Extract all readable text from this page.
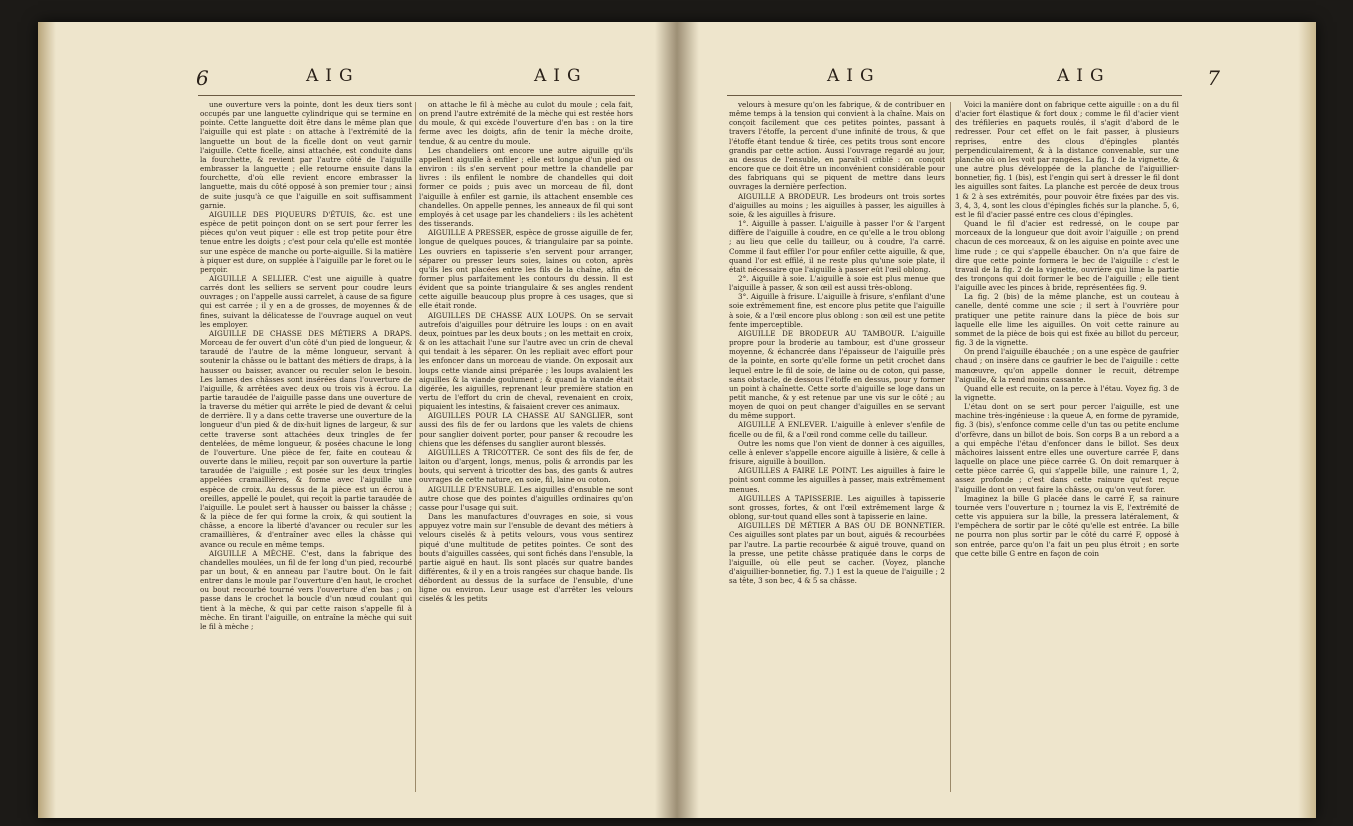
6	AIG	AIG

une ouverture vers la pointe, dont les deux tiers sont occupés par une languette cylindrique qui se termine en pointe. Cette languette doit être dans le même plan que l'aiguille qui est plate : on attache à l'extrémité de la languette un bout de la ficelle dont on veut garnir l'aiguille. Cette ficelle, ainsi attachée, est conduite dans la fourchette, & revient par l'autre côté de l'aiguille embrasser la languette ; elle retourne ensuite dans la fourchette, d'où elle revient encore embrasser la languette, mais du côté opposé à son premier tour ; ainsi de suite jusqu'à ce que l'aiguille en soit suffisamment garnie.

AIGUILLE DES PIQUEURS D'ÉTUIS, &c. est une espèce de petit poinçon dont on se sert pour ferrer les pièces qu'on veut piquer : elle est trop petite pour être tenue entre les doigts ; c'est pour cela qu'elle est montée sur une espèce de manche ou porte-aiguille. Si la matière à piquer est dure, on supplée à l'aiguille par le foret ou le perçoir.

AIGUILLE A SELLIER. C'est une aiguille à quatre carrés dont les selliers se servent pour coudre leurs ouvrages ; on l'appelle aussi carrelet, à cause de sa figure qui est carrée ; il y en a de grosses, de moyennes & de fines, suivant la délicatesse de l'ouvrage auquel on veut les employer.

AIGUILLE DE CHASSE DES MÉTIERS A DRAPS. Morceau de fer ouvert d'un côté d'un pied de longueur, & taraudé de l'autre de la même longueur, servant à soutenir la châsse ou le battant des métiers de draps, à la hausser ou baisser, avancer ou reculer selon le besoin. Les lames des châsses sont insérées dans l'ouverture de l'aiguille, & arrêtées avec deux ou trois vis à écrou. La partie taraudée de l'aiguille passe dans une ouverture de la traverse du métier qui arrête le pied de devant & celui de derrière. Il y a dans cette traverse une ouverture de la longueur d'un pied & de dix-huit lignes de largeur, & sur cette traverse sont attachées deux tringles de fer dentelées, de même longueur, & posées chacune le long de l'ouverture. Une pièce de fer, faite en couteau & ouverte dans le milieu, reçoit par son ouverture la partie taraudée de l'aiguille ; est posée sur les deux tringles appelées cramaillières, & forme avec l'aiguille une espèce de croix. Au dessus de la pièce est un écrou à oreilles, appellé le poulet, qui reçoit la partie taraudée de l'aiguille. Le poulet sert à hausser ou baisser la châsse ; & la pièce de fer qui forme la croix, & qui soutient la châsse, a encore la liberté d'avancer ou reculer sur les cramaillières, & d'entraîner avec elles la châsse qui avance ou recule en même temps.

AIGUILLE A MÈCHE. C'est, dans la fabrique des chandelles moulées, un fil de fer long d'un pied, recourbé par un bout, & en anneau par l'autre bout. On le fait entrer dans le moule par l'ouverture d'en haut, le crochet ou bout recourbé tourné vers l'ouverture d'en bas ; on passe dans le crochet la boucle d'un nœud coulant qui tient à la mèche, & qui par cette raison s'appelle fil à mèche. En tirant l'aiguille, on entraîne la mèche qui suit le fil à mèche ;

on attache le fil à mèche au culot du moule ; cela fait, on prend l'autre extrémité de la mèche qui est restée hors du moule, & qui excède l'ouverture d'en bas : on la tire ferme avec les doigts, afin de tenir la mèche droite, tendue, & au centre du moule.

Les chandeliers ont encore une autre aiguille qu'ils appellent aiguille à enfiler ; elle est longue d'un pied ou environ : ils s'en servent pour mettre la chandelle par livres : ils enfilent le nombre de chandelles qui doit former ce poids ; puis avec un morceau de fil, dont l'aiguille à enfiler est garnie, ils attachent ensemble ces chandelles. On appelle pennes, les anneaux de fil qui sont employés à cet usage par les chandeliers : ils les achètent des tisserands.

AIGUILLE A PRESSER, espèce de grosse aiguille de fer, longue de quelques pouces, & triangulaire par sa pointe. Les ouvriers en tapisserie s'en servent pour arranger, séparer ou presser leurs soies, laines ou coton, après qu'ils les ont placées entre les fils de la chaîne, afin de former plus parfaitement les contours du dessin. Il est évident que sa pointe triangulaire & ses angles rendent cette aiguille beaucoup plus propre à ces usages, que si elle était ronde.

AIGUILLES DE CHASSE AUX LOUPS. On se servait autrefois d'aiguilles pour détruire les loups : on en avait deux, pointues par les deux bouts ; on les mettait en croix, & on les attachait l'une sur l'autre avec un crin de cheval qui tendait à les séparer. On les repliait avec effort pour les enfoncer dans un morceau de viande. On exposait aux loups cette viande ainsi préparée ; les loups avalaient les aiguilles & la viande goulument ; & quand la viande était digérée, les aiguilles, reprenant leur première station en vertu de l'effort du crin de cheval, revenaient en croix, piquaient les intestins, & faisaient crever ces animaux.

AIGUILLES POUR LA CHASSE AU SANGLIER, sont aussi des fils de fer ou lardons que les valets de chiens pour sanglier doivent porter, pour panser & recoudre les chiens que les défenses du sanglier auront blessés.

AIGUILLES A TRICOTTER. Ce sont des fils de fer, de laiton ou d'argent, longs, menus, polis & arrondis par les bouts, qui servent à tricotter des bas, des gants & autres ouvrages de cette nature, en soie, fil, laine ou coton.

AIGUILLE D'ENSUBLE. Les aiguilles d'ensuble ne sont autre chose que des pointes d'aiguilles ordinaires qu'on casse pour l'usage qui suit.

Dans les manufactures d'ouvrages en soie, si vous appuyez votre main sur l'ensuble de devant des métiers à velours ciselés & à petits velours, vous vous sentirez piqué d'une multitude de petites pointes. Ce sont des bouts d'aiguilles cassées, qui sont fichés dans l'ensuble, la partie aiguë en haut. Ils sont placés sur quatre bandes différentes, & il y en a trois rangées sur chaque bande. Ils débordent au dessus de la surface de l'ensuble, d'une ligne ou environ. Leur usage est d'arrêter les velours ciselés & les petits

AIG	AIG	7

velours à mesure qu'on les fabrique, & de contribuer en même temps à la tension qui convient à la chaîne. Mais on conçoit facilement que ces petites pointes, passant à travers l'étoffe, la percent d'une infinité de trous, & que l'étoffe étant tendue & tirée, ces petits trous sont encore grandis par cette action. Aussi l'ouvrage regardé au jour, au dessus de l'ensuble, en paraît-il criblé : on conçoit encore que ce doit être un inconvénient considérable pour des fabriquans qui se piquent de mettre dans leurs ouvrages la dernière perfection.

AIGUILLE A BRODEUR. Les brodeurs ont trois sortes d'aiguilles au moins ; les aiguilles à passer, les aiguilles à soie, & les aiguilles à frisure.

1°. Aiguille à passer. L'aiguille à passer l'or & l'argent diffère de l'aiguille à coudre, en ce qu'elle a le trou oblong ; au lieu que celle du tailleur, ou à coudre, l'a carré. Comme il faut effiler l'or pour enfiler cette aiguille, & que, quand l'or est effilé, il ne reste plus qu'une soie plate, il était nécessaire que l'aiguille à passer eût l'œil oblong.

2°. Aiguille à soie. L'aiguille à soie est plus menue que l'aiguille à passer, & son œil est aussi très-oblong.

3°. Aiguille à frisure. L'aiguille à frisure, s'enfilant d'une soie extrêmement fine, est encore plus petite que l'aiguille à soie, & a l'œil encore plus oblong : son œil est une petite fente imperceptible.

AIGUILLE DE BRODEUR AU TAMBOUR. L'aiguille propre pour la broderie au tambour, est d'une grosseur moyenne, & échancrée dans l'épaisseur de l'aiguille près de la pointe, en sorte qu'elle forme un petit crochet dans lequel entre le fil de soie, de laine ou de coton, qui passe, sans obstacle, de dessous l'étoffe en dessus, pour y former un point à chaînette. Cette sorte d'aiguille se loge dans un petit manche, & y est retenue par une vis sur le côté ; au moyen de quoi on peut changer d'aiguilles en se servant du même support.

AIGUILLE A ENLEVER. L'aiguille à enlever s'enfile de ficelle ou de fil, & a l'œil rond comme celle du tailleur.

Outre les noms que l'on vient de donner à ces aiguilles, celle à enlever s'appelle encore aiguille à lisière, & celle à frisure, aiguille à bouillon.

AIGUILLES A FAIRE LE POINT. Les aiguilles à faire le point sont comme les aiguilles à passer, mais extrêmement menues.

AIGUILLES A TAPISSERIE. Les aiguilles à tapisserie sont grosses, fortes, & ont l'œil extrêmement large & oblong, sur-tout quand elles sont à tapisserie en laine.

AIGUILLES DE MÉTIER A BAS OU DE BONNETIER. Ces aiguilles sont plates par un bout, aiguës & recourbées par l'autre. La partie recourbée & aiguë trouve, quand on la presse, une petite châsse pratiquée dans le corps de l'aiguille, où elle peut se cacher. (Voyez, planche d'aiguillier-bonnetier, fig. 7.) 1 est la queue de l'aiguille ; 2 sa tête, 3 son bec, 4 & 5 sa châsse.

Voici la manière dont on fabrique cette aiguille : on a du fil d'acier fort élastique & fort doux ; comme le fil d'acier vient des tréfileries en paquets roulés, il s'agit d'abord de le redresser. Pour cet effet on le fait passer, à plusieurs reprises, entre des clous d'épingles plantés perpendiculairement, & à la distance convenable, sur une planche où on les voit par rangées. La fig. 1 de la vignette, & une autre plus développée de la planche de l'aiguillier-bonnetier, fig. 1 (bis), est l'engin qui sert à dresser le fil dont les aiguilles sont faites. La planche est percée de deux trous 1 & 2 à ses extrémités, pour pouvoir être fixées par des vis. 3, 4, 3, 4, sont les clous d'épingles fichés sur la planche. 5, 6, est le fil d'acier passé entre ces clous d'épingles.

Quand le fil d'acier est redressé, on le coupe par morceaux de la longueur que doit avoir l'aiguille ; on prend chacun de ces morceaux, & on les aiguise en pointe avec une lime rude ; ce qui s'appelle ébaucher. On n'a que faire de dire que cette pointe formera le bec de l'aiguille : c'est le travail de la fig. 2 de la vignette, ouvrière qui lime la partie des tronçons qui doit former le bec de l'aiguille ; elle tient l'aiguille avec les pinces à bride, représentées fig. 9.

La fig. 2 (bis) de la même planche, est un couteau à canelle, denté comme une scie ; il sert à l'ouvrière pour pratiquer une petite rainure dans la pièce de bois sur laquelle elle lime les aiguilles. On voit cette rainure au sommet de la pièce de bois qui est fixée au billot du perceur, fig. 3 de la vignette.

On prend l'aiguille ébauchée ; on a une espèce de gaufrier chaud ; on insère dans ce gaufrier le bec de l'aiguille : cette manœuvre, qu'on appelle donner le recuit, détrempe l'aiguille, & la rend moins cassante.

Quand elle est recuite, on la perce à l'étau. Voyez fig. 3 de la vignette.

L'étau dont on se sert pour percer l'aiguille, est une machine très-ingénieuse : la queue A, en forme de pyramide, fig. 3 (bis), s'enfonce comme celle d'un tas ou petite enclume d'orfèvre, dans un billot de bois. Son corps B a un rebord a a a qui empêche l'étau d'enfoncer dans le billot. Ses deux mâchoires laissent entre elles une ouverture carrée F, dans laquelle on place une pièce carrée G. On doit remarquer à cette pièce carrée G, qui s'appelle bille, une rainure 1, 2, assez profonde ; c'est dans cette rainure qu'est reçue l'aiguille dont on veut faire la châsse, ou qu'on veut forer.

Imaginez la bille G placée dans le carré F, sa rainure tournée vers l'ouverture n ; tournez la vis E, l'extrémité de cette vis appuiera sur la bille, la pressera latéralement, & l'empêchera de sortir par le côté qu'elle est entrée. La bille ne pourra non plus sortir par le côté du carré F, opposé à son entrée, parce qu'on l'a fait un peu plus étroit ; en sorte que cette bille G entre en façon de coin
